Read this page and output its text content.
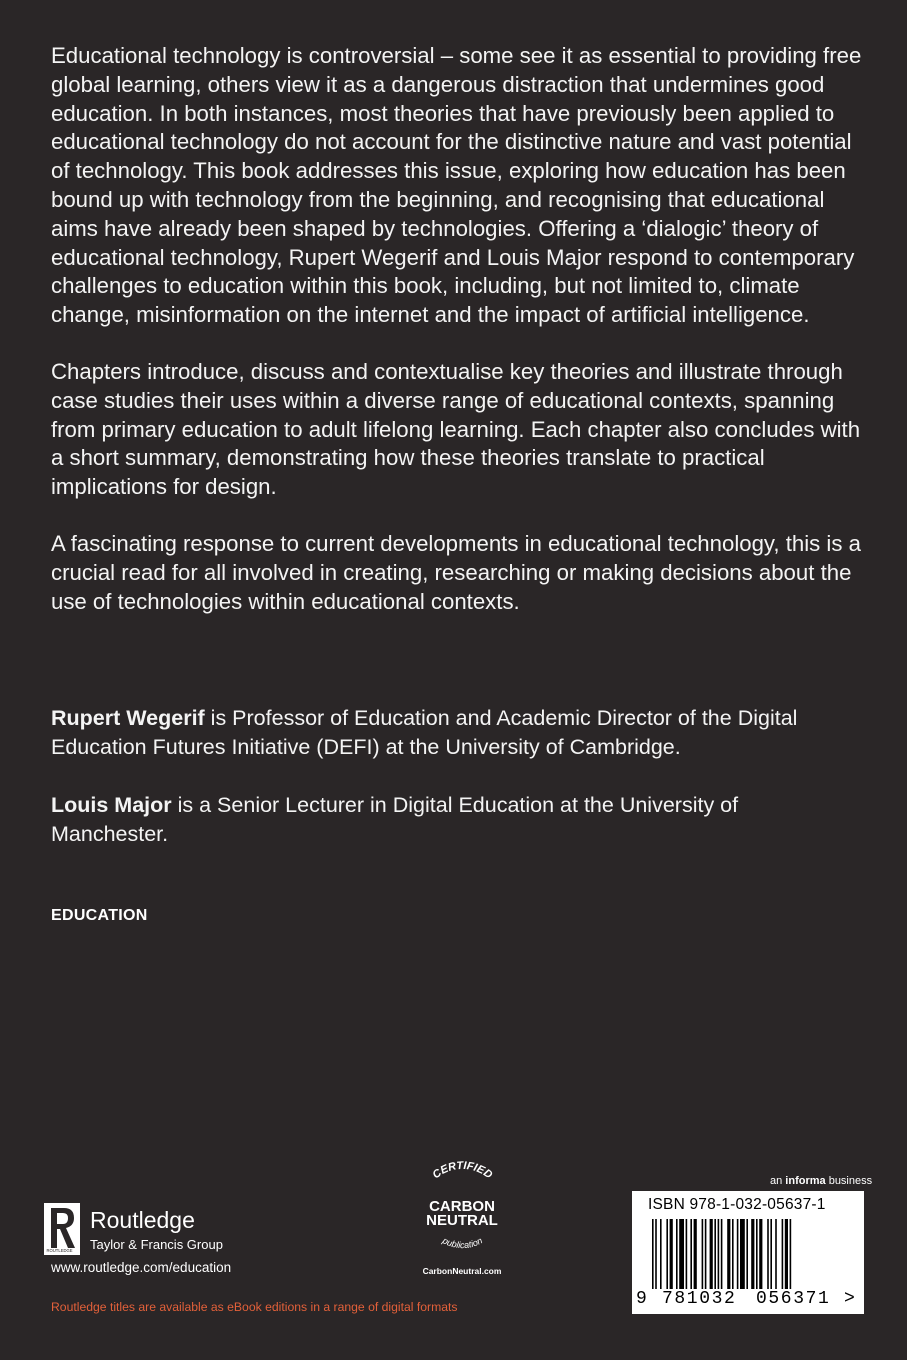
Educational technology is controversial – some see it as essential to providing free global learning, others view it as a dangerous distraction that undermines good education. In both instances, most theories that have previously been applied to educational technology do not account for the distinctive nature and vast potential of technology. This book addresses this issue, exploring how education has been bound up with technology from the beginning, and recognising that educational aims have already been shaped by technologies. Offering a ‘dialogic’ theory of educational technology, Rupert Wegerif and Louis Major respond to contemporary challenges to education within this book, including, but not limited to, climate change, misinformation on the internet and the impact of artificial intelligence.

Chapters introduce, discuss and contextualise key theories and illustrate through case studies their uses within a diverse range of educational contexts, spanning from primary education to adult lifelong learning. Each chapter also concludes with a short summary, demonstrating how these theories translate to practical implications for design.

A fascinating response to current developments in educational technology, this is a crucial read for all involved in creating, researching or making decisions about the use of technologies within educational contexts.

Rupert Wegerif is Professor of Education and Academic Director of the Digital Education Futures Initiative (DEFI) at the University of Cambridge.
Louis Major is a Senior Lecturer in Digital Education at the University of Manchester.
EDUCATION
ROUTLEDGE
Routledge
Taylor & Francis Group
www.routledge.com/education
Routledge titles are available as eBook editions in a range of digital formats
CERTIFIED
CARBON
NEUTRAL
publication
CarbonNeutral.com
an informa business
ISBN 978-1-032-05637-1
9 781032 056371 >
